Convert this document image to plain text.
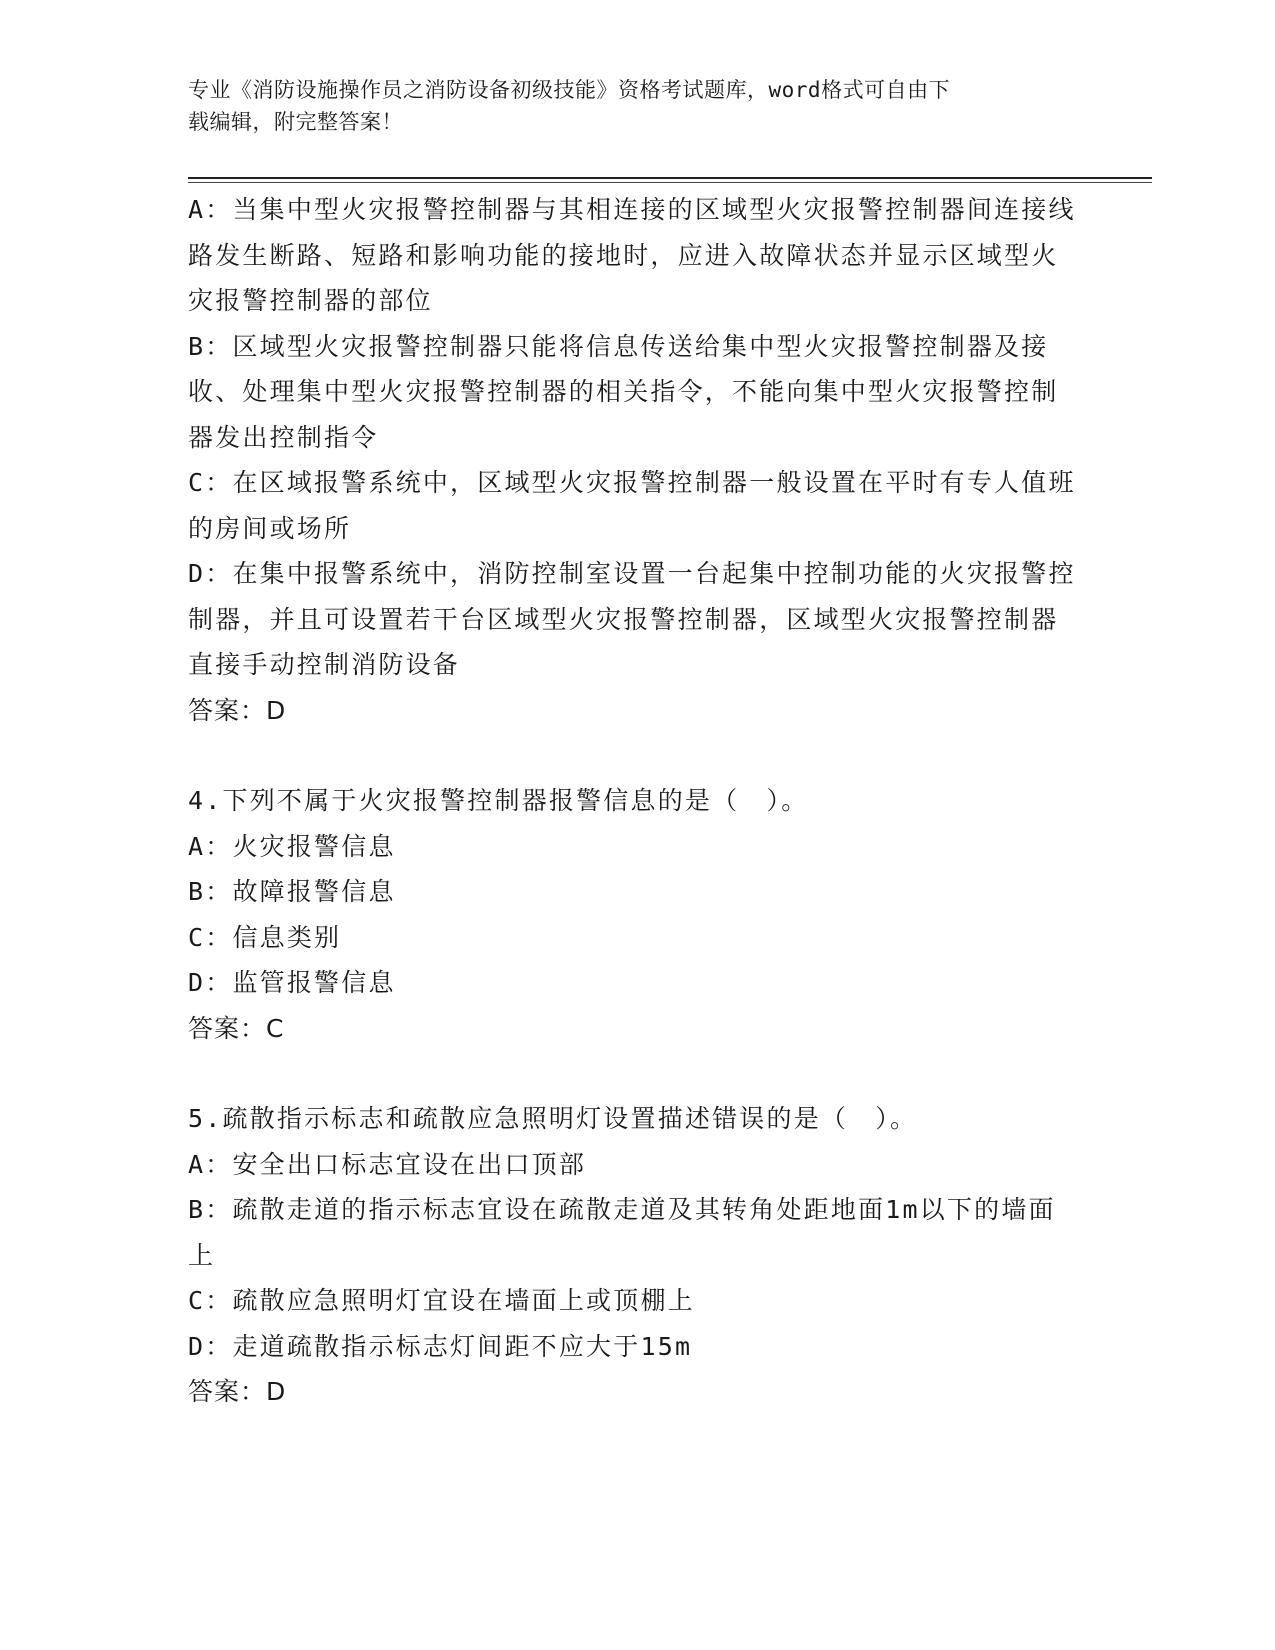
专业《消防设施操作员之消防设备初级技能》资格考试题库，word格式可自由下
载编辑，附完整答案！
A：当集中型火灾报警控制器与其相连接的区域型火灾报警控制器间连接线路发生断路、短路和影响功能的接地时，应进入故障状态并显示区域型火灾报警控制器的部位
B：区域型火灾报警控制器只能将信息传送给集中型火灾报警控制器及接收、处理集中型火灾报警控制器的相关指令，不能向集中型火灾报警控制器发出控制指令
C：在区域报警系统中，区域型火灾报警控制器一般设置在平时有专人值班的房间或场所
D：在集中报警系统中，消防控制室设置一台起集中控制功能的火灾报警控制器，并且可设置若干台区域型火灾报警控制器，区域型火灾报警控制器直接手动控制消防设备
答案：D
4.下列不属于火灾报警控制器报警信息的是（　）。
A：火灾报警信息
B：故障报警信息
C：信息类别
D：监管报警信息
答案：C
5.疏散指示标志和疏散应急照明灯设置描述错误的是（　）。
A：安全出口标志宜设在出口顶部
B：疏散走道的指示标志宜设在疏散走道及其转角处距地面1m以下的墙面上
C：疏散应急照明灯宜设在墙面上或顶棚上
D：走道疏散指示标志灯间距不应大于15m
答案：D
